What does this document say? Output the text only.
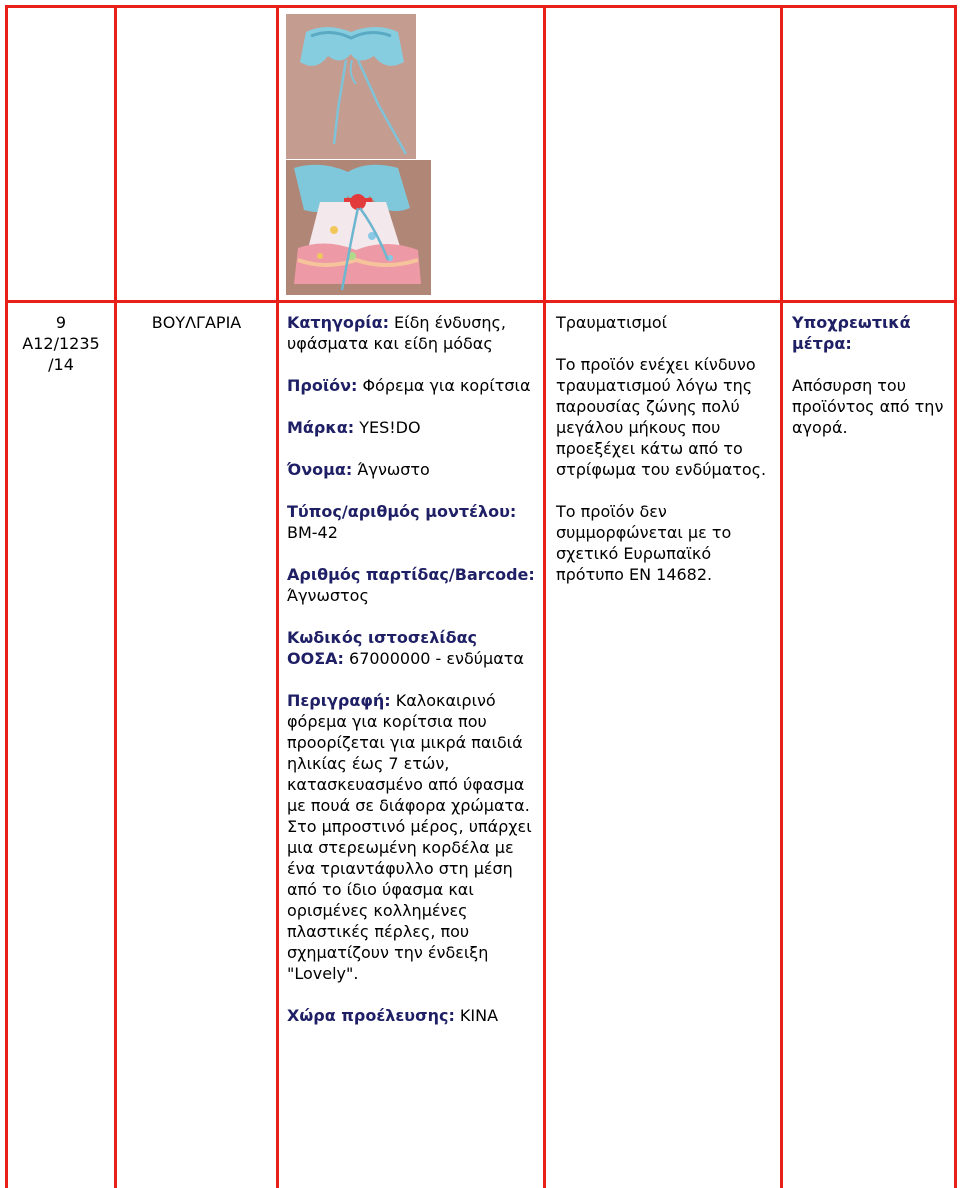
9
A12/1235
/14
ΒΟΥΛΓΑΡΙΑ	Κατηγορία: Είδη ένδυσης, υφάσματα και είδη μόδας
Προϊόν: Φόρεμα για κορίτσια
Μάρκα: YES!DO
Όνομα: Άγνωστο
Τύπος/αριθμός μοντέλου:
BM-42
Αριθμός παρτίδας/Barcode: Άγνωστος
Κωδικός ιστοσελίδας ΟΟΣΑ: 67000000 - ενδύματα
Περιγραφή: Καλοκαιρινό φόρεμα για κορίτσια που προορίζεται για μικρά παιδιά ηλικίας έως 7 ετών, κατασκευασμένο από ύφασμα με πουά σε διάφορα χρώματα. Στο μπροστινό μέρος, υπάρχει μια στερεωμένη κορδέλα με ένα τριαντάφυλλο στη μέση από το ίδιο ύφασμα και ορισμένες κολλημένες πλαστικές πέρλες, που σχηματίζουν την ένδειξη "Lovely".
Χώρα προέλευσης: ΚΙΝΑ
Τραυματισμοί
Το προϊόν ενέχει κίνδυνο τραυματισμού λόγω της παρουσίας ζώνης πολύ μεγάλου μήκους που προεξέχει κάτω από το στρίφωμα του ενδύματος.
Το προϊόν δεν συμμορφώνεται με το σχετικό Ευρωπαϊκό πρότυπο EN 14682.
Υποχρεωτικά μέτρα:
Απόσυρση του προϊόντος από την αγορά.
